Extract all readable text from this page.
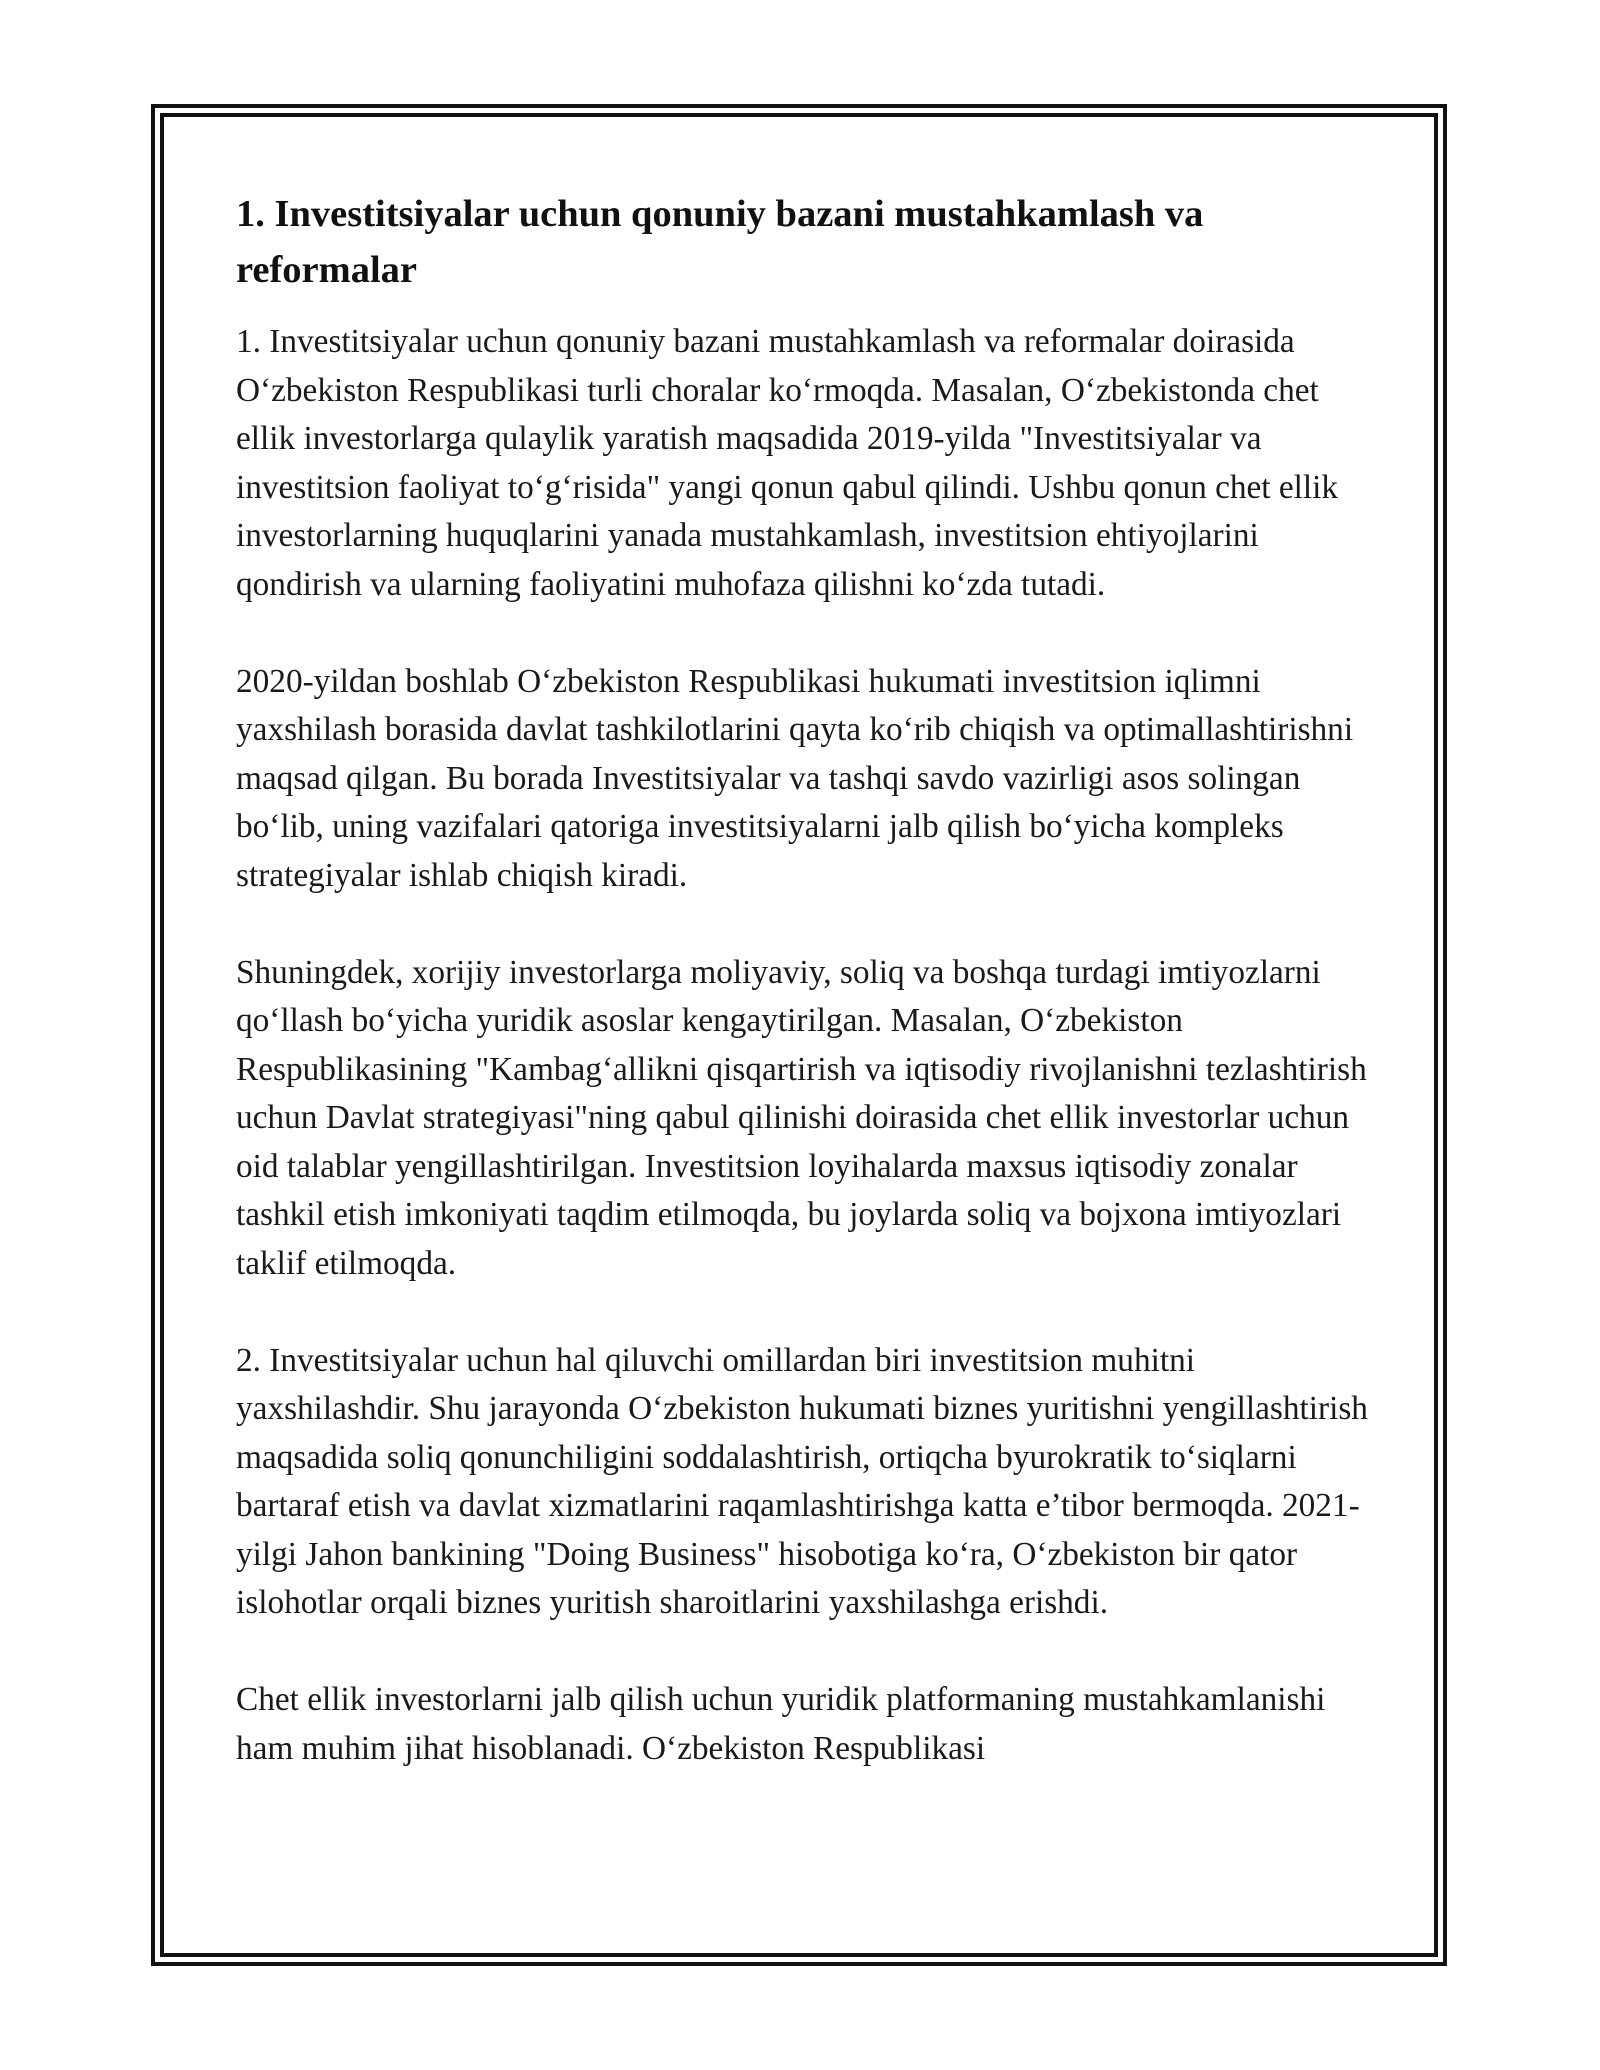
1. Investitsiyalar uchun qonuniy bazani mustahkamlash va reformalar

1. Investitsiyalar uchun qonuniy bazani mustahkamlash va reformalar doirasida O‘zbekiston Respublikasi turli choralar ko‘rmoqda. Masalan, O‘zbekistonda chet ellik investorlarga qulaylik yaratish maqsadida 2019-yilda "Investitsiyalar va investitsion faoliyat to‘g‘risida" yangi qonun qabul qilindi. Ushbu qonun chet ellik investorlarning huquqlarini yanada mustahkamlash, investitsion ehtiyojlarini qondirish va ularning faoliyatini muhofaza qilishni ko‘zda tutadi.

2020-yildan boshlab O‘zbekiston Respublikasi hukumati investitsion iqlimni yaxshilash borasida davlat tashkilotlarini qayta ko‘rib chiqish va optimallashtirishni maqsad qilgan. Bu borada Investitsiyalar va tashqi savdo vazirligi asos solingan bo‘lib, uning vazifalari qatoriga investitsiyalarni jalb qilish bo‘yicha kompleks strategiyalar ishlab chiqish kiradi.

Shuningdek, xorijiy investorlarga moliyaviy, soliq va boshqa turdagi imtiyozlarni qo‘llash bo‘yicha yuridik asoslar kengaytirilgan. Masalan, O‘zbekiston Respublikasining "Kambag‘allikni qisqartirish va iqtisodiy rivojlanishni tezlashtirish uchun Davlat strategiyasi"ning qabul qilinishi doirasida chet ellik investorlar uchun oid talablar yengillashtirilgan. Investitsion loyihalarda maxsus iqtisodiy zonalar tashkil etish imkoniyati taqdim etilmoqda, bu joylarda soliq va bojxona imtiyozlari taklif etilmoqda.

2. Investitsiyalar uchun hal qiluvchi omillardan biri investitsion muhitni yaxshilashdir. Shu jarayonda O‘zbekiston hukumati biznes yuritishni yengillashtirish maqsadida soliq qonunchiligini soddalashtirish, ortiqcha byurokratik to‘siqlarni bartaraf etish va davlat xizmatlarini raqamlashtirishga katta e’tibor bermoqda. 2021-yilgi Jahon bankining "Doing Business" hisobotiga ko‘ra, O‘zbekiston bir qator islohotlar orqali biznes yuritish sharoitlarini yaxshilashga erishdi.

Chet ellik investorlarni jalb qilish uchun yuridik platformaning mustahkamlanishi ham muhim jihat hisoblanadi. O‘zbekiston Respublikasi
